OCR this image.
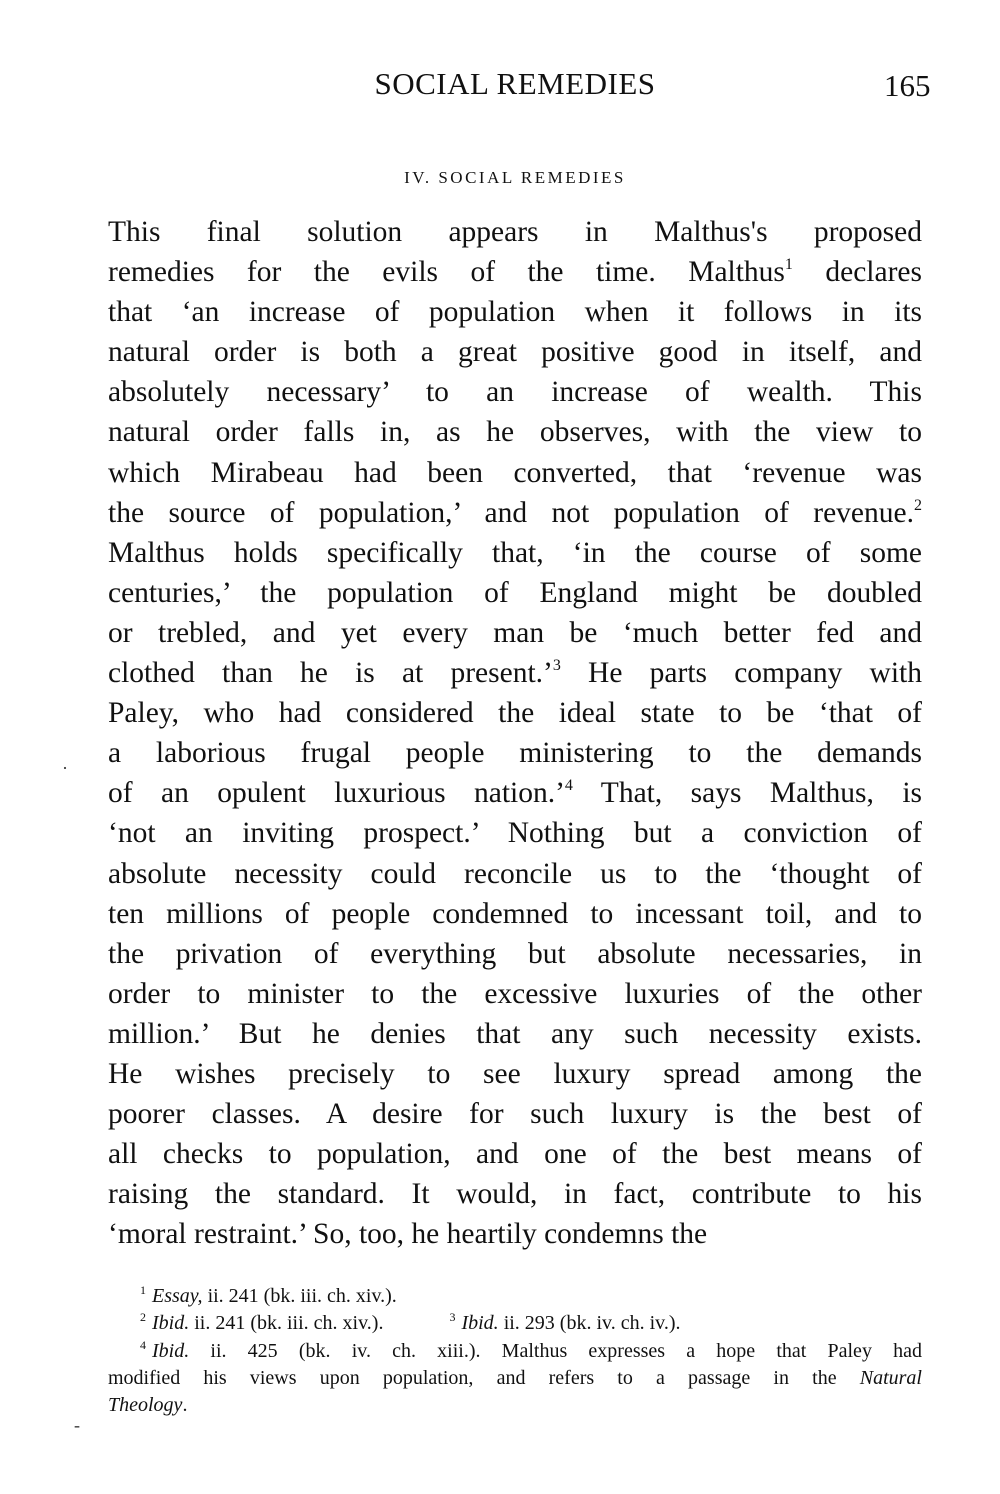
SOCIAL REMEDIES	165
IV. SOCIAL REMEDIES
This final solution appears in Malthus's proposed
remedies for the evils of the time. Malthus$^1$ declares
that ‘an increase of population when it follows in its
natural order is both a great positive good in itself, and
absolutely necessary’ to an increase of wealth. This
natural order falls in, as he observes, with the view to
which Mirabeau had been converted, that ‘revenue was
the source of population,’ and not population of revenue.$^2$
Malthus holds specifically that, ‘in the course of some
centuries,’ the population of England might be doubled
or trebled, and yet every man be ‘much better fed and
clothed than he is at present.’$^3$ He parts company with
Paley, who had considered the ideal state to be ‘that of
a laborious frugal people ministering to the demands
of an opulent luxurious nation.’$^4$ That, says Malthus, is
‘not an inviting prospect.’ Nothing but a conviction of
absolute necessity could reconcile us to the ‘thought of
ten millions of people condemned to incessant toil, and to
the privation of everything but absolute necessaries, in
order to minister to the excessive luxuries of the other
million.’ But he denies that any such necessity exists.
He wishes precisely to see luxury spread among the
poorer classes. A desire for such luxury is the best of
all checks to population, and one of the best means of
raising the standard. It would, in fact, contribute to his
‘moral restraint.’ So, too, he heartily condemns the
·
$^1$ Essay, ii. 241 (bk. iii. ch. xiv.).
$^2$ Ibid. ii. 241 (bk. iii. ch. xiv.).	$^3$ Ibid. ii. 293 (bk. iv. ch. iv.).
$^4$ Ibid. ii. 425 (bk. iv. ch. xiii.). Malthus expresses a hope that Paley had
modified his views upon population, and refers to a passage in the Natural
Theology.
-
